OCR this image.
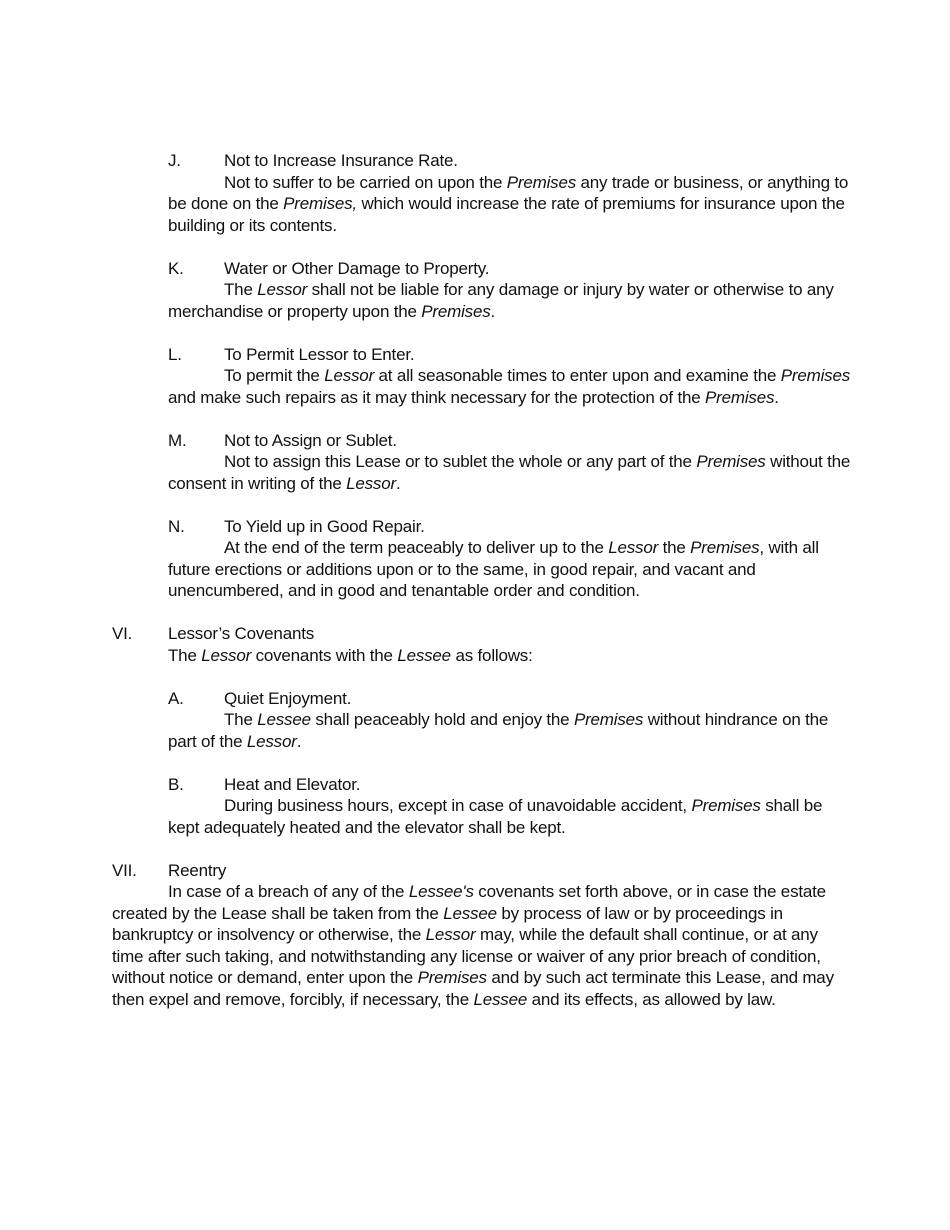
J.	Not to Increase Insurance Rate.

Not to suffer to be carried on upon the Premises any trade or business, or anything to be done on the Premises, which would increase the rate of premiums for insurance upon the building or its contents.

K.	Water or Other Damage to Property.

The Lessor shall not be liable for any damage or injury by water or otherwise to any merchandise or property upon the Premises.

L.	To Permit Lessor to Enter.

To permit the Lessor at all seasonable times to enter upon and examine the Premises and make such repairs as it may think necessary for the protection of the Premises.

M.	Not to Assign or Sublet.

Not to assign this Lease or to sublet the whole or any part of the Premises without the consent in writing of the Lessor.

N.	To Yield up in Good Repair.

At the end of the term peaceably to deliver up to the Lessor the Premises, with all future erections or additions upon or to the same, in good repair, and vacant and unencumbered, and in good and tenantable order and condition.

VI.	Lessor’s Covenants
The Lessor covenants with the Lessee as follows:
A.	Quiet Enjoyment.

The Lessee shall peaceably hold and enjoy the Premises without hindrance on the part of the Lessor.

B.	Heat and Elevator.

During business hours, except in case of unavoidable accident, Premises shall be kept adequately heated and the elevator shall be kept.

VII.	Reentry

In case of a breach of any of the Lessee's covenants set forth above, or in case the estate created by the Lease shall be taken from the Lessee by process of law or by proceedings in bankruptcy or insolvency or otherwise, the Lessor may, while the default shall continue, or at any time after such taking, and notwithstanding any license or waiver of any prior breach of condition, without notice or demand, enter upon the Premises and by such act terminate this Lease, and may then expel and remove, forcibly, if necessary, the Lessee and its effects, as allowed by law.
